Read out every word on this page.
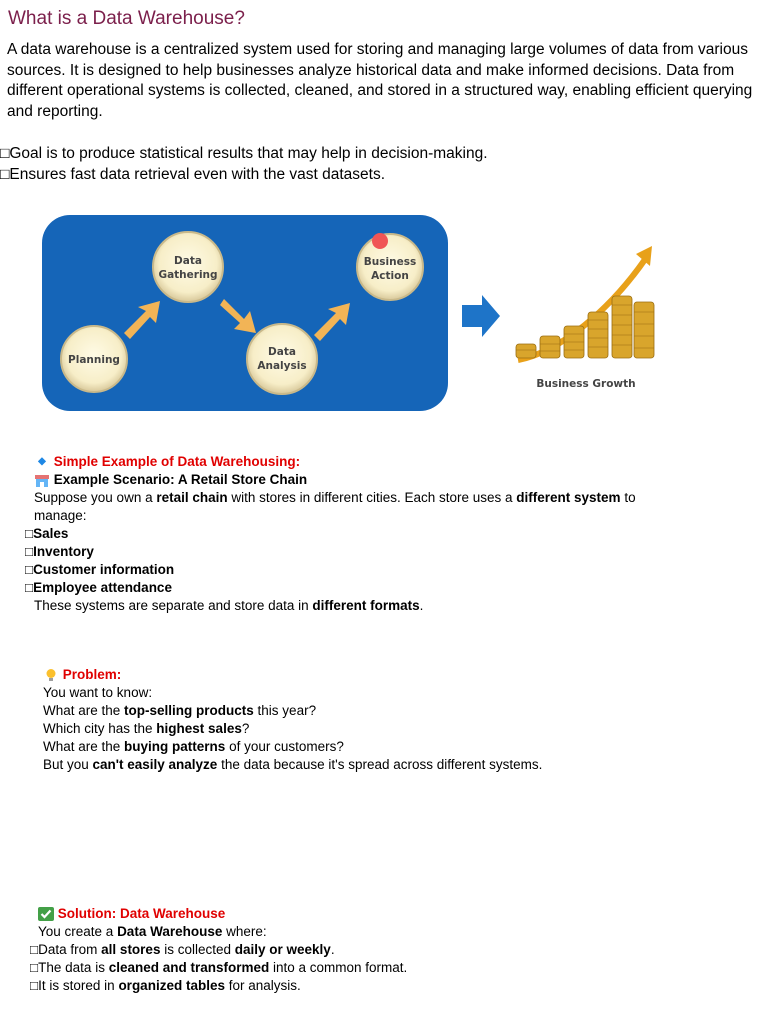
What is a Data Warehouse?

A data warehouse is a centralized system used for storing and managing large volumes of data from various sources. It is designed to help businesses analyze historical data and make informed decisions. Data from different operational systems is collected, cleaned, and stored in a structured way, enabling efficient querying and reporting.

□Goal is to produce statistical results that may help in decision-making.
□Ensures fast data retrieval even with the vast datasets.
Planning
Data
Gathering
Data
Analysis
Business
Action
Business Growth
◆ Simple Example of Data Warehousing:
Example Scenario: A Retail Store Chain
Suppose you own a retail chain with stores in different cities. Each store uses a different system to
manage:
□Sales
□Inventory
□Customer information
□Employee attendance
These systems are separate and store data in different formats.
Problem:
You want to know:
What are the top-selling products this year?
Which city has the highest sales?
What are the buying patterns of your customers?
But you can't easily analyze the data because it's spread across different systems.
Solution: Data Warehouse
You create a Data Warehouse where:
□Data from all stores is collected daily or weekly.
□The data is cleaned and transformed into a common format.
□It is stored in organized tables for analysis.
